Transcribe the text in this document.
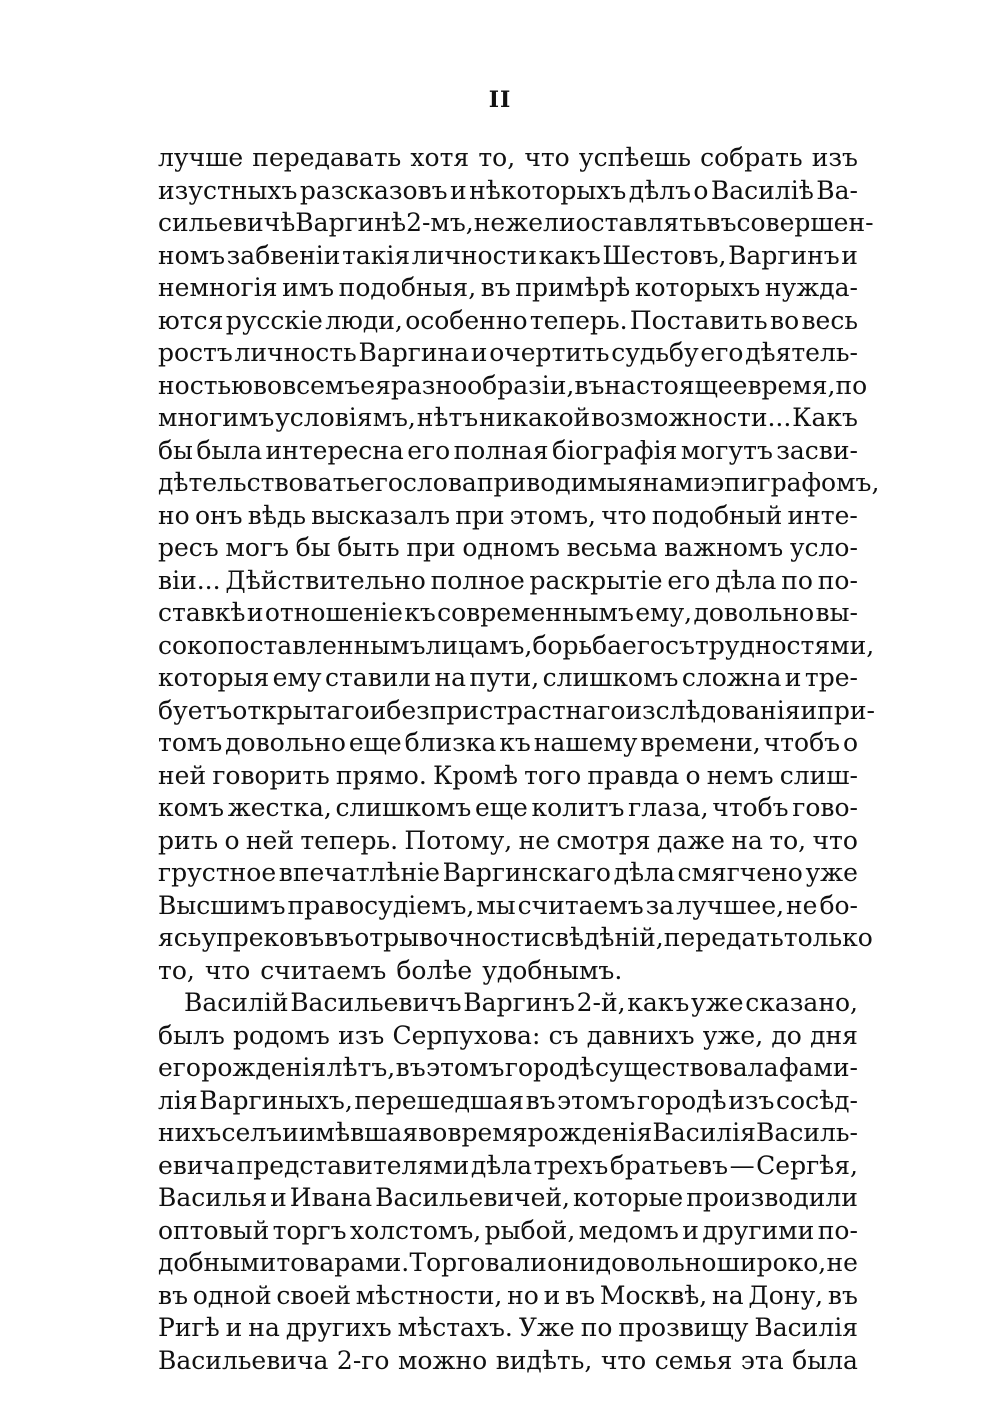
II
лучше передавать хотя то, что успѣешь собрать изъ
изустныхъ разсказовъ и нѣкоторыхъ дѣлъ о Василіѣ Ва-
сильевичѣ Варгинѣ 2-мъ, нежели оставлять въ совершен-
номъ забвеніи такія личности какъ Шестовъ, Варгинъ и
немногія имъ подобныя, въ примѣрѣ которыхъ нужда-
ются русскіе люди, особенно теперь. Поставить во весь
ростъ личность Варгина и очертить судьбу его дѣятель-
ностью во всемъ ея разнообразіи, въ настоящее время, по
многимъ условіямъ, нѣтъ никакой возможности... Какъ
бы была интересна его полная біографія могутъ засви-
дѣтельствовать его слова приводимыя нами эпиграфомъ,
но онъ вѣдь высказалъ при этомъ, что подобный инте-
ресъ могъ бы быть при одномъ весьма важномъ усло-
віи... Дѣйствительно полное раскрытіе его дѣла по по-
ставкѣ и отношеніе къ современнымъ ему, довольно вы-
соко поставленнымъ лицамъ, борьба его съ трудностями,
которыя ему ставили на пути, слишкомъ сложна и тре-
буетъ открытаго и безпристрастнаго изслѣдованія и при-
томъ довольно еще близка къ нашему времени, чтобъ о
ней говорить прямо. Кромѣ того правда о немъ слиш-
комъ жестка, слишкомъ еще колитъ глаза, чтобъ гово-
рить о ней теперь. Потому, не смотря даже на то, что
грустное впечатлѣніе Варгинскаго дѣла смягчено уже
Высшимъ правосудіемъ, мы считаемъ за лучшее, не бо-
ясь упрековъ въ отрывочности свѣдѣній, передать только
то, что считаемъ болѣе удобнымъ.
Василій Васильевичъ Варгинъ 2-й, какъ уже сказано,
былъ родомъ изъ Серпухова: съ давнихъ уже, до дня
его рожденія лѣтъ, въ этомъ городѣ существовала фами-
лія Варгиныхъ, перешедшая въ этомъ городѣ изъ сосѣд-
нихъ селъ и имѣвшая во время рожденія Василія Василь-
евича представителями дѣла трехъ братьевъ — Сергѣя,
Василья и Ивана Васильевичей, которые производили
оптовый торгъ холстомъ, рыбой, медомъ и другими по-
добными товарами. Торговали они довольно широко, не
въ одной своей мѣстности, но и въ Москвѣ, на Дону, въ
Ригѣ и на другихъ мѣстахъ. Уже по прозвищу Василія
Васильевича 2-го можно видѣть, что семья эта была
